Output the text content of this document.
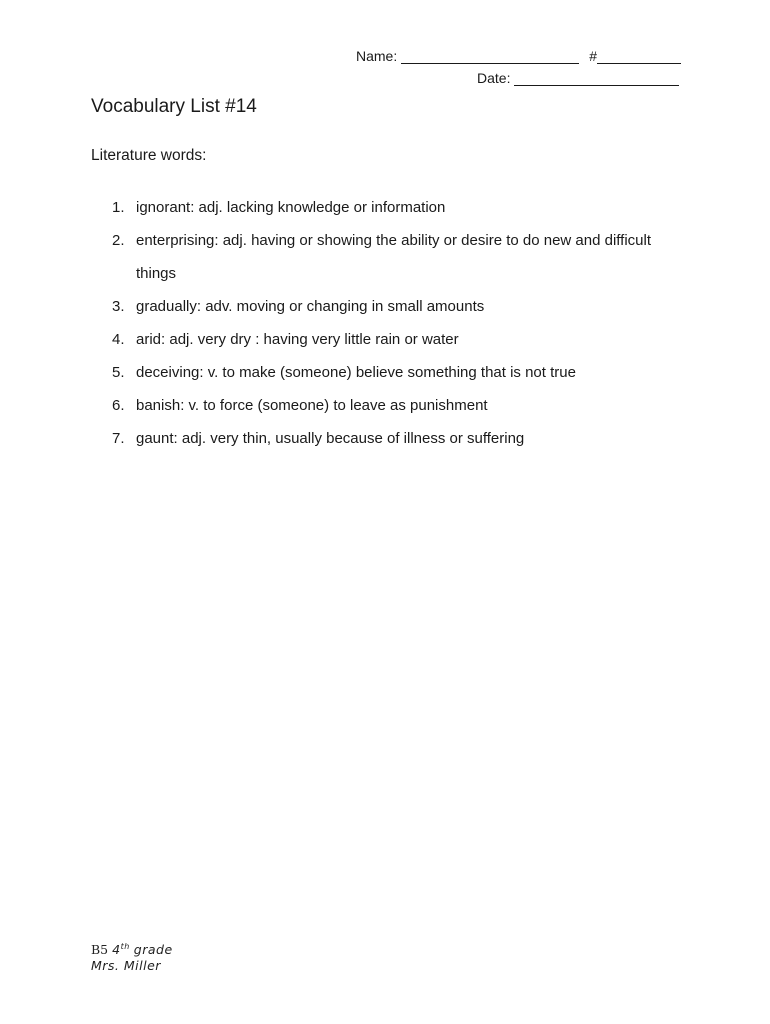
Name:	#
Date:
Vocabulary List #14
Literature words:
1. ignorant: adj. lacking knowledge or information
2. enterprising: adj. having or showing the ability or desire to do new and difficult things
3. gradually: adv. moving or changing in small amounts
4. arid: adj. very dry : having very little rain or water
5. deceiving: v. to make (someone) believe something that is not true
6. banish: v. to force (someone) to leave as punishment
7. gaunt: adj. very thin, usually because of illness or suffering
B5 4th grade
Mrs. Miller
